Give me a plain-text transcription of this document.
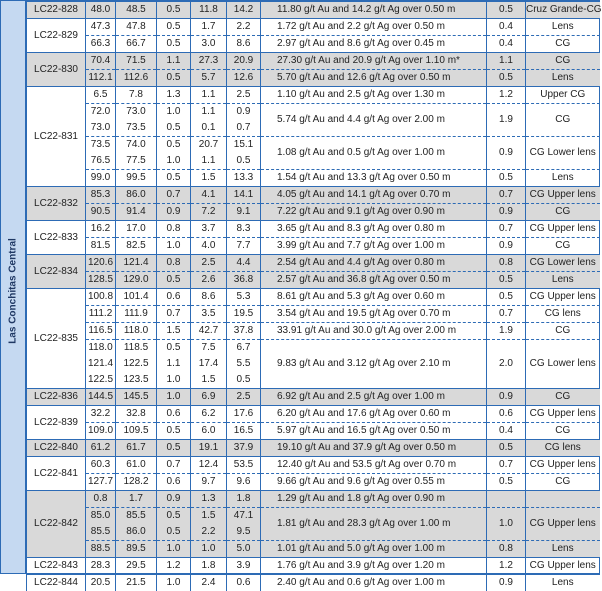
Las Conchitas Central
LC22-828	48.0	48.5	0.5	11.8	14.2	11.80 g/t Au and 14.2 g/t Ag over 0.50 m	0.5	Cruz Grande-CG
LC22-829	47.3	47.8	0.5	1.7	2.2	1.72 g/t Au and 2.2 g/t Ag over 0.50 m	0.4	Lens
	66.3	66.7	0.5	3.0	8.6	2.97 g/t Au and 8.6 g/t Ag over 0.45 m	0.4	CG
LC22-830	70.4	71.5	1.1	27.3	20.9	27.30 g/t Au and 20.9 g/t Ag over 1.10 m*	1.1	CG
	112.1	112.6	0.5	5.7	12.6	5.70 g/t Au and 12.6 g/t Ag over 0.50 m	0.5	Lens
LC22-831	6.5	7.8	1.3	1.1	2.5	1.10 g/t Au and 2.5 g/t Ag over 1.30 m	1.2	Upper CG
	72.0	73.0	1.0	1.1	0.9	5.74 g/t Au and 4.4 g/t Ag over 2.00 m	1.9	CG
	73.0	73.5	0.5	0.1	0.7			
	73.5	74.0	0.5	20.7	15.1	1.08 g/t Au and 0.5 g/t Ag over 1.00 m	0.9	CG Lower lens
	76.5	77.5	1.0	1.1	0.5			
	99.0	99.5	0.5	1.5	13.3	1.54 g/t Au and 13.3 g/t Ag over 0.50 m	0.5	Lens
LC22-832	85.3	86.0	0.7	4.1	14.1	4.05 g/t Au and 14.1 g/t Ag over 0.70 m	0.7	CG Upper lens
	90.5	91.4	0.9	7.2	9.1	7.22 g/t Au and 9.1 g/t Ag over 0.90 m	0.9	CG
LC22-833	16.2	17.0	0.8	3.7	8.3	3.65 g/t Au and 8.3 g/t Ag over 0.80 m	0.7	CG Upper lens
	81.5	82.5	1.0	4.0	7.7	3.99 g/t Au and 7.7 g/t Ag over 1.00 m	0.9	CG
LC22-834	120.6	121.4	0.8	2.5	4.4	2.54 g/t Au and 4.4 g/t Ag over 0.80 m	0.8	CG Lower lens
	128.5	129.0	0.5	2.6	36.8	2.57 g/t Au and 36.8 g/t Ag over 0.50 m	0.5	Lens
LC22-835	100.8	101.4	0.6	8.6	5.3	8.61 g/t Au and 5.3 g/t Ag over 0.60 m	0.5	CG Upper lens
	111.2	111.9	0.7	3.5	19.5	3.54 g/t Au and 19.5 g/t Ag over 0.70 m	0.7	CG lens
	116.5	118.0	1.5	42.7	37.8	33.91 g/t Au and 30.0 g/t Ag over 2.00 m	1.9	CG
	118.0	118.5	0.5	7.5	6.7	9.83 g/t Au and 3.12 g/t Ag over 2.10 m	2.0	CG Lower lens
	121.4	122.5	1.1	17.4	5.5			
	122.5	123.5	1.0	1.5	0.5			
LC22-836	144.5	145.5	1.0	6.9	2.5	6.92 g/t Au and 2.5 g/t Ag over 1.00 m	0.9	CG
LC22-839	32.2	32.8	0.6	6.2	17.6	6.20 g/t Au and 17.6 g/t Ag over 0.60 m	0.6	CG Upper lens
	109.0	109.5	0.5	6.0	16.5	5.97 g/t Au and 16.5 g/t Ag over 0.50 m	0.4	CG
LC22-840	61.2	61.7	0.5	19.1	37.9	19.10 g/t Au and 37.9 g/t Ag over 0.50 m	0.5	CG lens
LC22-841	60.3	61.0	0.7	12.4	53.5	12.40 g/t Au and 53.5 g/t Ag over 0.70 m	0.7	CG Upper lens
	127.7	128.2	0.6	9.7	9.6	9.66 g/t Au and 9.6 g/t Ag over 0.55 m	0.5	CG
LC22-842	0.8	1.7	0.9	1.3	1.8	1.29 g/t Au and 1.8 g/t Ag over 0.90 m		
	85.0	85.5	0.5	1.5	47.1	1.81 g/t Au and 28.3 g/t Ag over 1.00 m	1.0	CG Upper lens
	85.5	86.0	0.5	2.2	9.5			
	88.5	89.5	1.0	1.0	5.0	1.01 g/t Au and 5.0 g/t Ag over 1.00 m	0.8	Lens
LC22-843	28.3	29.5	1.2	1.8	3.9	1.76 g/t Au and 3.9 g/t Ag over 1.20 m	1.2	CG Upper lens
LC22-844	20.5	21.5	1.0	2.4	0.6	2.40 g/t Au and 0.6 g/t Ag over 1.00 m	0.9	Lens
